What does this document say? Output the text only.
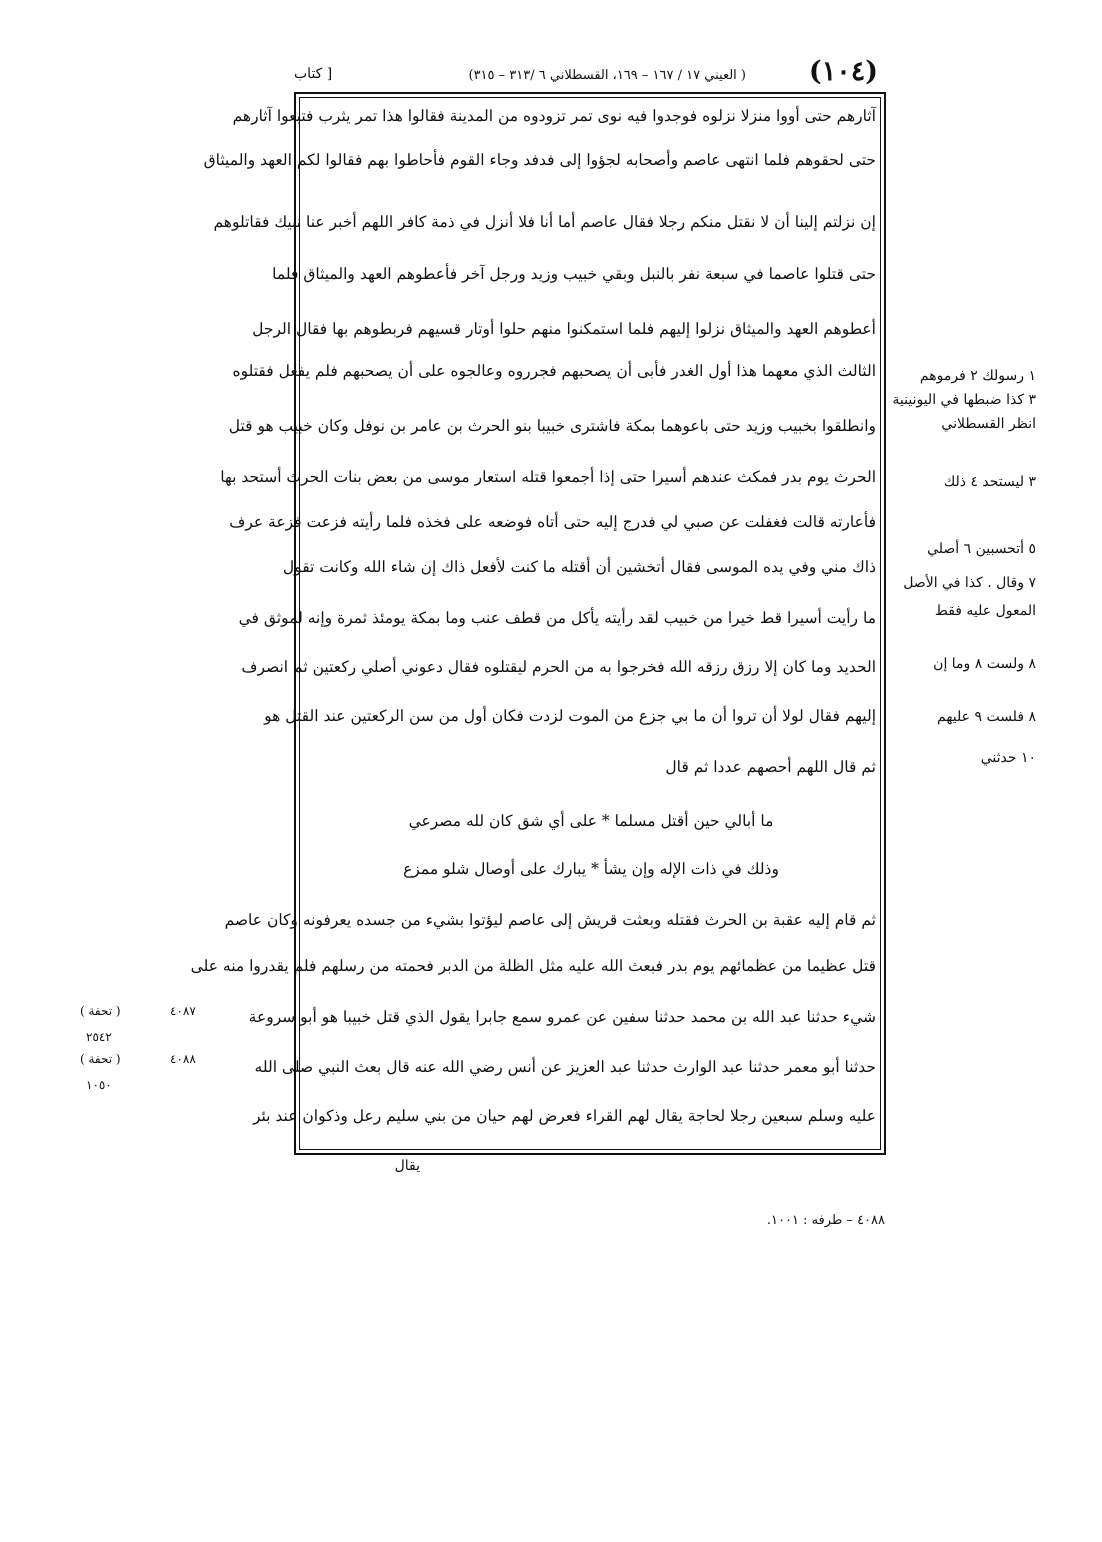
(١٠٤)
( العيني ١٧ / ١٦٧ – ١٦٩، القسطلاني ٦ /٣١٣ – ٣١٥)
[ كتاب
آثارهم حتى أووا منزلا نزلوه فوجدوا فيه نوى تمر تزودوه من المدينة فقالوا هذا تمر يثرب فتبعوا آثارهم
حتى لحقوهم فلما انتهى عاصم وأصحابه لجؤوا إلى فدفد وجاء القوم فأحاطوا بهم فقالوا لكم العهد والميثاق
إن نزلتم إلينا أن لا نقتل منكم رجلا فقال عاصم أما أنا فلا أنزل في ذمة كافر اللهم أخبر عنا نبيك فقاتلوهم
حتى قتلوا عاصما في سبعة نفر بالنبل وبقي خبيب وزيد ورجل آخر فأعطوهم العهد والميثاق فلما
أعطوهم العهد والميثاق نزلوا إليهم فلما استمكنوا منهم حلوا أوتار قسيهم فربطوهم بها فقال الرجل
الثالث الذي معهما هذا أول الغدر فأبى أن يصحبهم فجرروه وعالجوه على أن يصحبهم فلم يفعل فقتلوه
وانطلقوا بخبيب وزيد حتى باعوهما بمكة فاشترى خبيبا بنو الحرث بن عامر بن نوفل وكان خبيب هو قتل
الحرث يوم بدر فمكث عندهم أسيرا حتى إذا أجمعوا قتله استعار موسى من بعض بنات الحرث أستحد بها
فأعارته قالت فغفلت عن صبي لي فدرج إليه حتى أتاه فوضعه على فخذه فلما رأيته فزعت فزعة عرف
ذاك مني وفي يده الموسى فقال أتخشين أن أقتله ما كنت لأفعل ذاك إن شاء الله وكانت تقول
ما رأيت أسيرا قط خيرا من خبيب لقد رأيته يأكل من قطف عنب وما بمكة يومئذ ثمرة وإنه لموثق في
الحديد وما كان إلا رزق رزقه الله فخرجوا به من الحرم ليقتلوه فقال دعوني أصلي ركعتين ثم انصرف
إليهم فقال لولا أن تروا أن ما بي جزع من الموت لزدت فكان أول من سن الركعتين عند القتل هو
ثم قال اللهم أحصهم عددا ثم قال
ما أبالي حين أقتل مسلما * على أي شق كان لله مصرعي
وذلك في ذات الإله وإن يشأ * يبارك على أوصال شلو ممزع
ثم قام إليه عقبة بن الحرث فقتله وبعثت قريش إلى عاصم ليؤتوا بشيء من جسده يعرفونه وكان عاصم
قتل عظيما من عظمائهم يوم بدر فبعث الله عليه مثل الظلة من الدبر فحمته من رسلهم فلم يقدروا منه على
شيء حدثنا عبد الله بن محمد حدثنا سفين عن عمرو سمع جابرا يقول الذي قتل خبيبا هو أبو سروعة
حدثنا أبو معمر حدثنا عبد الوارث حدثنا عبد العزيز عن أنس رضي الله عنه قال بعث النبي صلى الله
عليه وسلم سبعين رجلا لحاجة يقال لهم القراء فعرض لهم حيان من بني سليم رعل وذكوان عند بئر
يقال
١ رسولك ٢ فرموهم
٣ كذا ضبطها في اليونينية
انظر القسطلاني
٣ ليستحد ٤ ذلك
٥ أتحسبين ٦ أصلي
٧ وقال . كذا في الأصل
المعول عليه فقط
٨ ولست ٨ وما إن
٨ فلست ٩ عليهم
١٠ حدثني
( تحفة )	٤٠٨٧
٢٥٤٢
( تحفة )	٤٠٨٨
١٠٥٠
٤٠٨٨ – طرفه : ١٠٠١.
